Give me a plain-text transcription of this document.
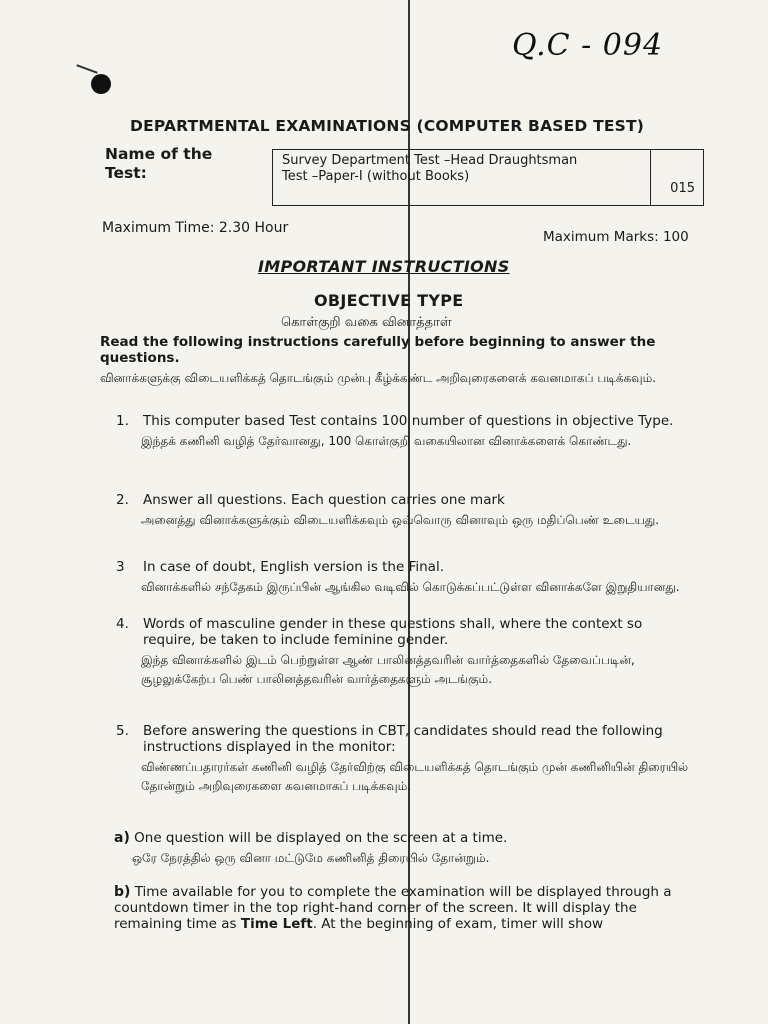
Q.C - 094
DEPARTMENTAL EXAMINATIONS (COMPUTER BASED TEST)
Name of the Test:
Survey Department Test –Head Draughtsman
Test –Paper-I (without Books)
015
Maximum Time: 2.30 Hour
Maximum Marks: 100
IMPORTANT INSTRUCTIONS
OBJECTIVE TYPE
கொள்குறி வகை வினாத்தாள்
Read the following instructions carefully before beginning to answer the questions.
வினாக்களுக்கு விடையளிக்கத் தொடங்கும் முன்பு கீழ்க்கண்ட அறிவுரைகளைக் கவனமாகப் படிக்கவும்.
1.	This computer based Test contains 100 number of questions in objective Type.
இந்தக் கணினி வழித் தேர்வானது, 100 கொள்குறி வகையிலான வினாக்களைக் கொண்டது.
2.	Answer all questions. Each question carries one mark
அனைத்து வினாக்களுக்கும் விடையளிக்கவும் ஒவ்வொரு வினாவும் ஒரு மதிப்பெண் உடையது.
3	In case of doubt, English version is the Final.
வினாக்களில் சந்தேகம் இருப்பின் ஆங்கில வடிவில் கொடுக்கப்பட்டுள்ள வினாக்களே இறுதியானது.
4.	Words of masculine gender in these questions shall, where the context so require, be taken to include feminine gender.
இந்த வினாக்களில் இடம் பெற்றுள்ள ஆண் பாலினத்தவரின் வார்த்தைகளில் தேவைப்படின், சூழலுக்கேற்ப பெண் பாலினத்தவரின் வார்த்தைகளும் அடங்கும்.
5.	Before answering the questions in CBT, candidates should read the following instructions displayed in the monitor:
விண்ணப்பதாரர்கள் கணினி வழித் தேர்விற்கு விடையளிக்கத் தொடங்கும் முன் கணினியின் திரையில் தோன்றும் அறிவுரைகளை கவனமாகப் படிக்கவும்.
a) One question will be displayed on the screen at a time.
ஒரே நேரத்தில் ஒரு வினா மட்டுமே கணினித் திரையில் தோன்றும்.
b) Time available for you to complete the examination will be displayed through a countdown timer in the top right-hand corner of the screen. It will display the remaining time as Time Left. At the beginning of exam, timer will show
